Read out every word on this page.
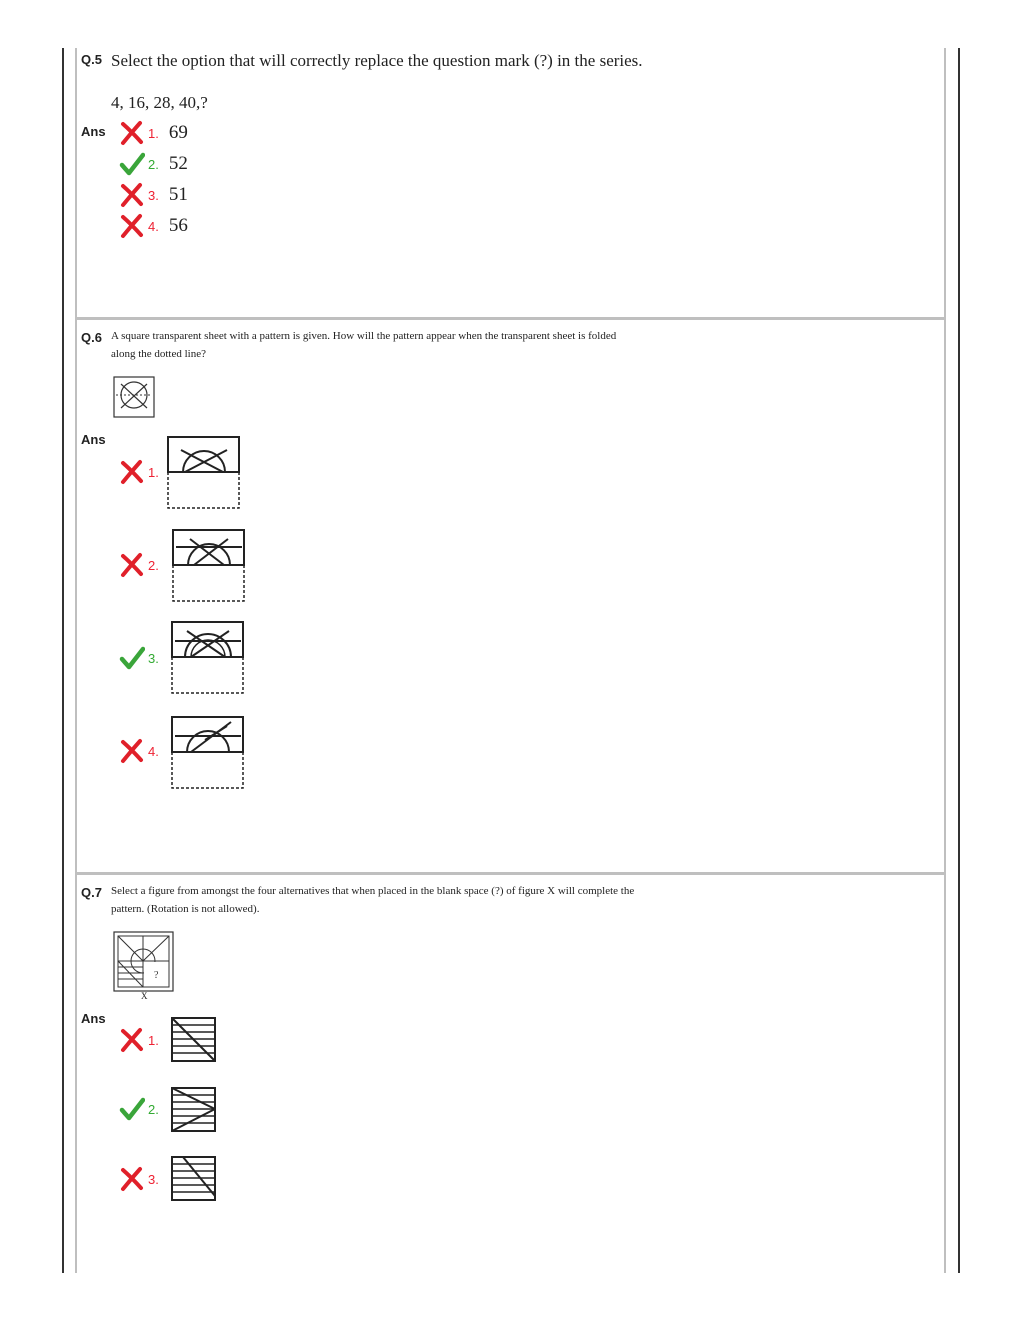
Q.5 Select the option that will correctly replace the question mark (?) in the series.
4, 16, 28, 40,?
Ans	1. 69
2. 52
3. 51
4. 56
Q.6 A square transparent sheet with a pattern is given. How will the pattern appear when the transparent sheet is folded
along the dotted line?
Ans
1.
2.
3.
4.
Q.7 Select a figure from amongst the four alternatives that when placed in the blank space (?) of figure X will complete the
pattern. (Rotation is not allowed).
?
X
Ans
1.
2.
3.
